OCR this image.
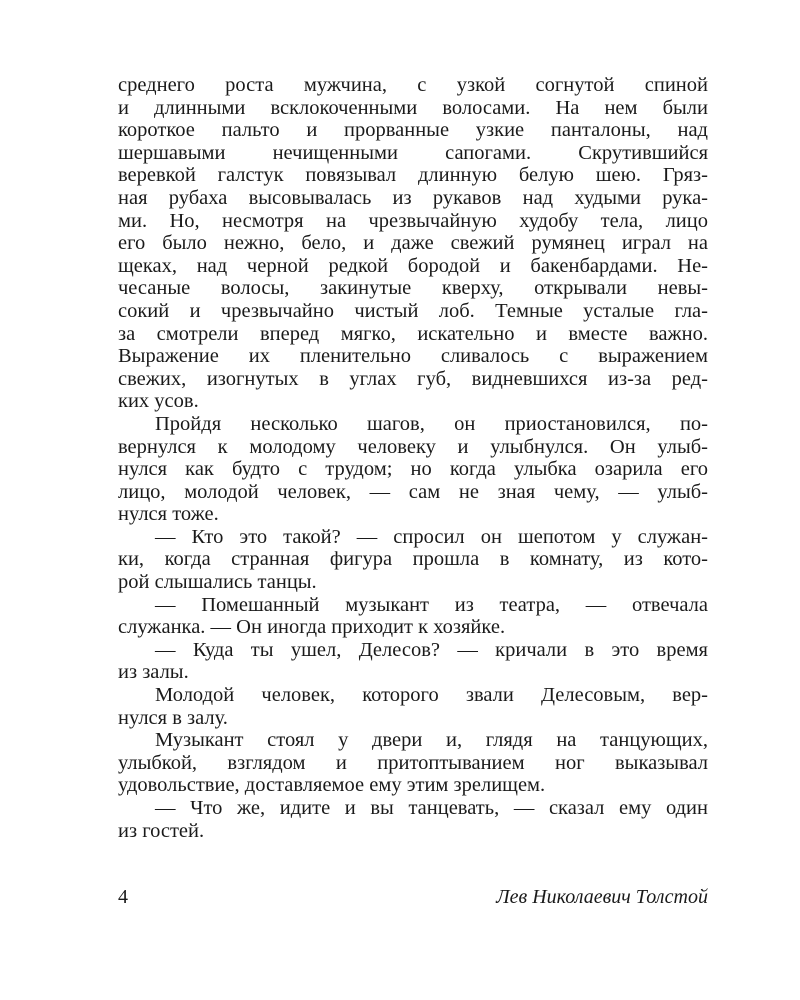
среднего роста мужчина, с узкой согнутой спиной
и длинными всклокоченными волосами. На нем были
короткое пальто и прорванные узкие панталоны, над
шершавыми нечищенными сапогами. Скрутившийся
веревкой галстук повязывал длинную белую шею. Гряз-
ная рубаха высовывалась из рукавов над худыми рука-
ми. Но, несмотря на чрезвычайную худобу тела, лицо
его было нежно, бело, и даже свежий румянец играл на
щеках, над черной редкой бородой и бакенбардами. Не-
чесаные волосы, закинутые кверху, открывали невы-
сокий и чрезвычайно чистый лоб. Темные усталые гла-
за смотрели вперед мягко, искательно и вместе важно.
Выражение их пленительно сливалось с выражением
свежих, изогнутых в углах губ, видневшихся из-за ред-
ких усов.
Пройдя несколько шагов, он приостановился, по-
вернулся к молодому человеку и улыбнулся. Он улыб-
нулся как будто с трудом; но когда улыбка озарила его
лицо, молодой человек, — сам не зная чему, — улыб-
нулся тоже.
— Кто это такой? — спросил он шепотом у служан-
ки, когда странная фигура прошла в комнату, из кото-
рой слышались танцы.
— Помешанный музыкант из театра, — отвечала
служанка. — Он иногда приходит к хозяйке.
— Куда ты ушел, Делесов? — кричали в это время
из залы.
Молодой человек, которого звали Делесовым, вер-
нулся в залу.
Музыкант стоял у двери и, глядя на танцующих,
улыбкой, взглядом и притоптыванием ног выказывал
удовольствие, доставляемое ему этим зрелищем.
— Что же, идите и вы танцевать, — сказал ему один
из гостей.
4	Лев Николаевич Толстой
